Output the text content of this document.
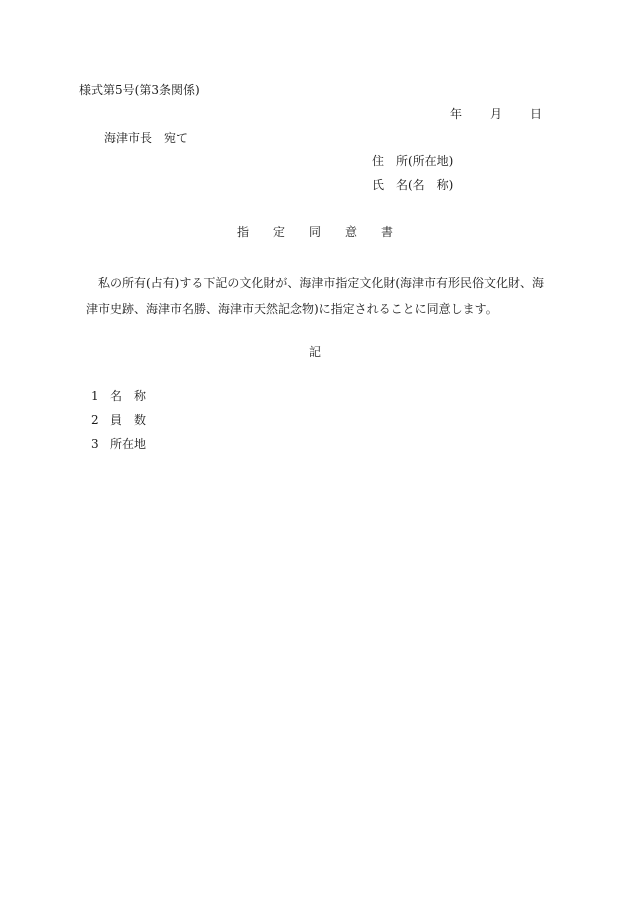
様式第5号(第3条関係)
年 月 日
海津市長　宛て
住　所(所在地)
氏　名(名　称)
指 定 同 意 書
私の所有(占有)する下記の文化財が、海津市指定文化財(海津市有形民俗文化財、海津市史跡、海津市名勝、海津市天然記念物)に指定されることに同意します。
記
1 名　称
2 員　数
3 所在地
